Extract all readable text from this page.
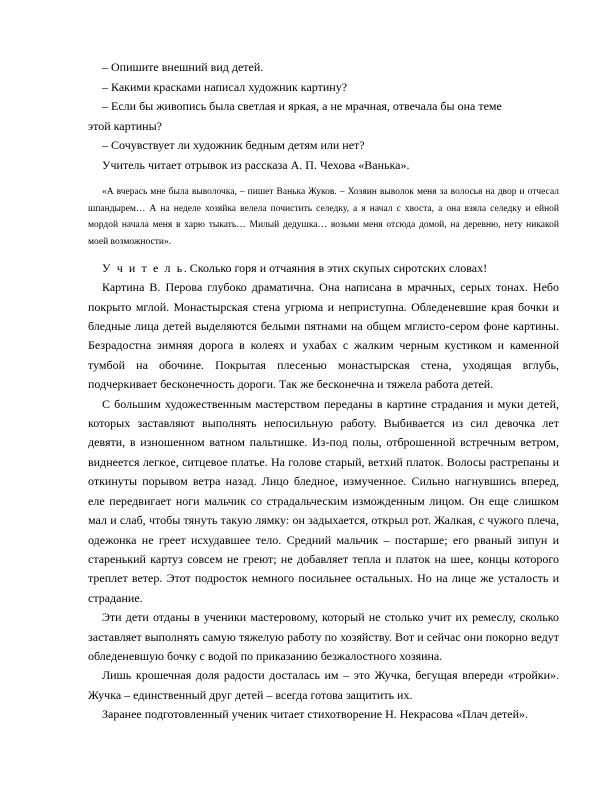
– Опишите внешний вид детей.

– Какими красками написал художник картину?

– Если бы живопись была светлая и яркая, а не мрачная, отвечала бы она теме

этой картины?

– Сочувствует ли художник бедным детям или нет?

Учитель читает отрывок из рассказа А. П. Чехова «Ванька».

«А вчерась мне была выволочка, – пишет Ванька Жуков. – Хозяин выволок меня за волосья на двор и отчесал шпандырем… А на неделе хозяйка велела почистить селедку, а я начал с хвоста, а она взяла селедку и ейной мордой начала меня в харю тыкать… Милый дедушка… возьми меня отсюда домой, на деревню, нету никакой моей возможности».

У ч и т е л ь. Сколько горя и отчаяния в этих скупых сиротских словах!

Картина В. Перова глубоко драматична. Она написана в мрачных, серых тонах. Небо покрыто мглой. Монастырская стена угрюма и неприступна. Обледеневшие края бочки и бледные лица детей выделяются белыми пятнами на общем мглисто-сером фоне картины. Безрадостна зимняя дорога в колеях и ухабах с жалким черным кустиком и каменной тумбой на обочине. Покрытая плесенью монастырская стена, уходящая вглубь, подчеркивает бесконечность дороги. Так же бесконечна и тяжела работа детей.

С большим художественным мастерством переданы в картине страдания и муки детей, которых заставляют выполнять непосильную работу. Выбивается из сил девочка лет девяти, в изношенном ватном пальтишке. Из-под полы, отброшенной встречным ветром, виднеется легкое, ситцевое платье. На голове старый, ветхий платок. Волосы растрепаны и откинуты порывом ветра назад. Лицо бледное, измученное. Сильно нагнувшись вперед, еле передвигает ноги мальчик со страдальческим изможденным лицом. Он еще слишком мал и слаб, чтобы тянуть такую лямку: он задыхается, открыл рот. Жалкая, с чужого плеча, одежонка не греет исхудавшее тело. Средний мальчик – постарше; его рваный зипун и старенький картуз совсем не греют; не добавляет тепла и платок на шее, концы которого треплет ветер. Этот подросток немного посильнее остальных. Но на лице же усталость и страдание.

Эти дети отданы в ученики мастеровому, который не столько учит их ремеслу, сколько заставляет выполнять самую тяжелую работу по хозяйству. Вот и сейчас они покорно ведут обледеневшую бочку с водой по приказанию безжалостного хозяина.

Лишь крошечная доля радости досталась им – это Жучка, бегущая впереди «тройки». Жучка – единственный друг детей – всегда готова защитить их.

Заранее подготовленный ученик читает стихотворение Н. Некрасова «Плач детей».
